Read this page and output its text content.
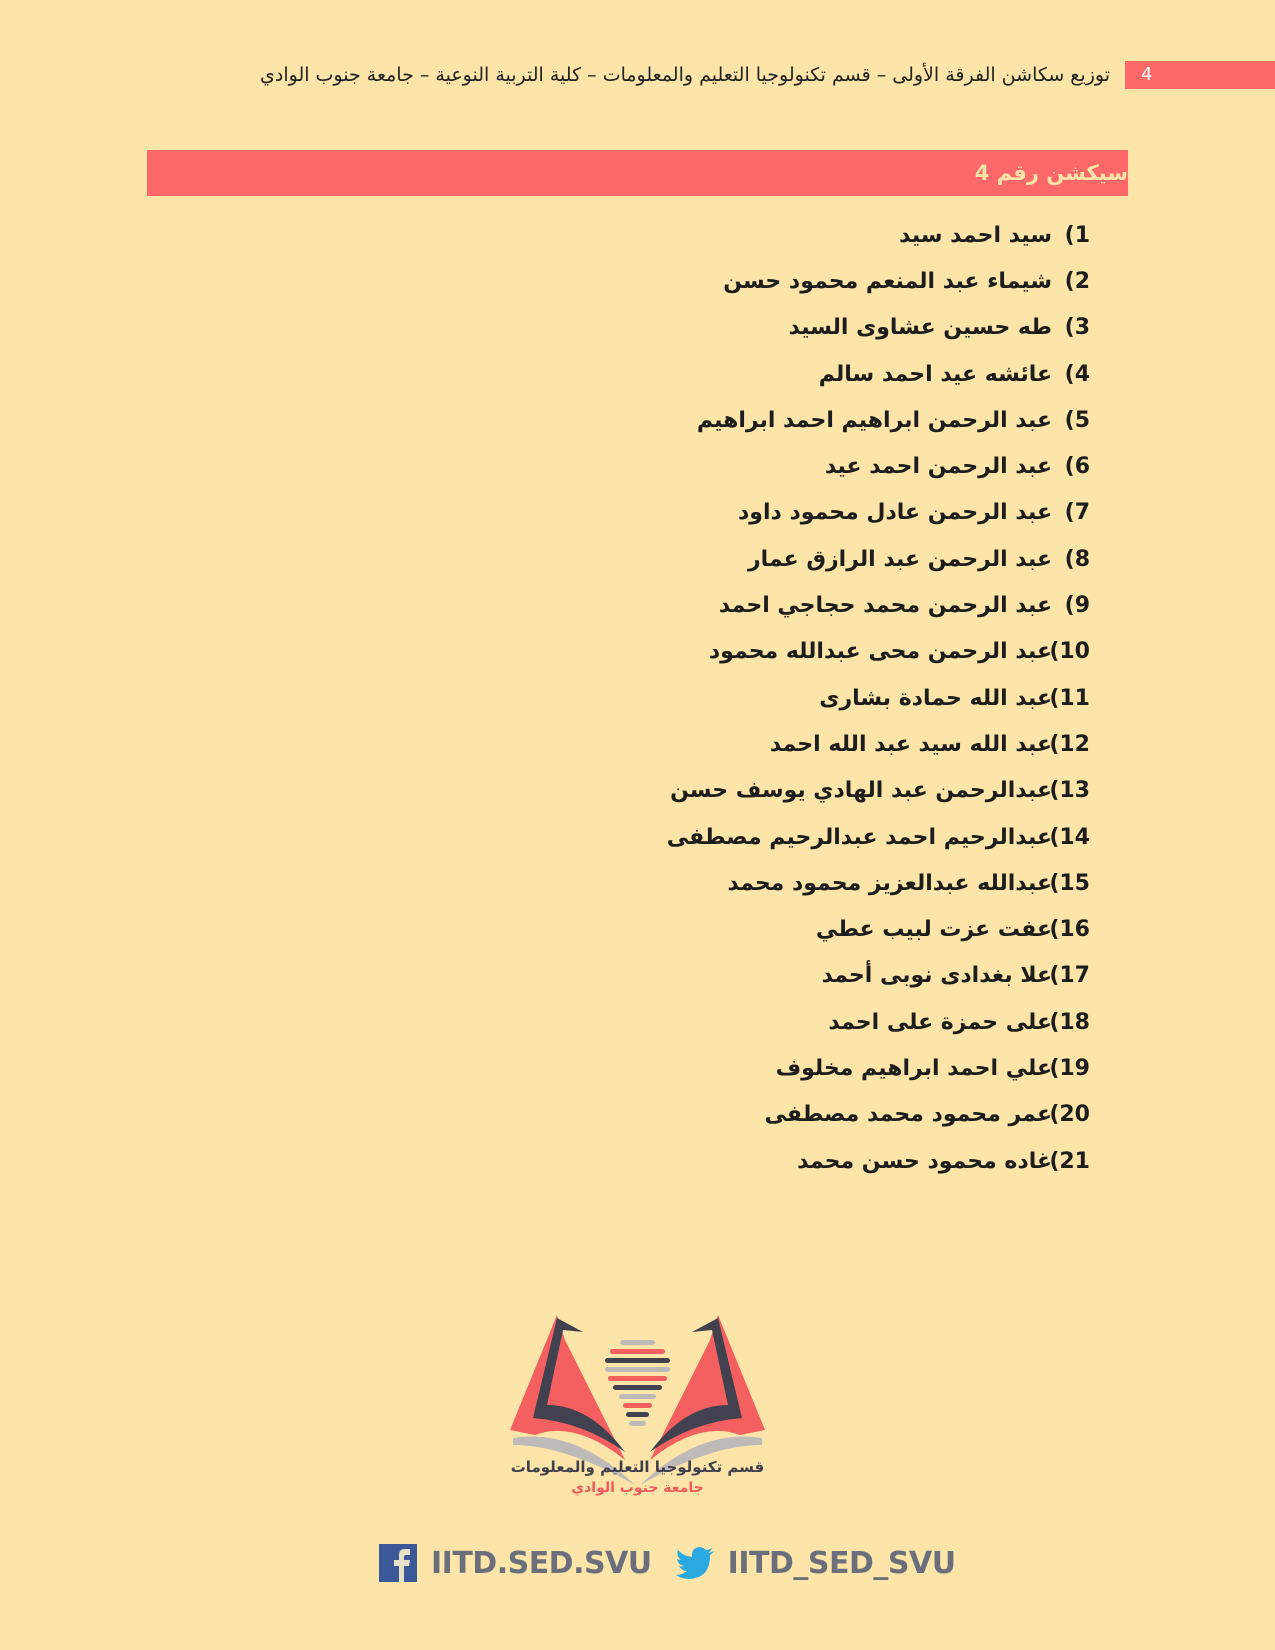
4
توزيع سكاشن الفرقة الأولى – قسم تكنولوجيا التعليم والمعلومات – كلية التربية النوعية – جامعة جنوب الوادي
سيكشن رقم 4
1)
سيد احمد سيد
2)
شيماء عبد المنعم محمود حسن
3)
طه حسين عشاوى السيد
4)
عائشه عيد احمد سالم
5)
عبد الرحمن ابراهيم احمد ابراهيم
6)
عبد الرحمن احمد عيد
7)
عبد الرحمن عادل محمود داود
8)
عبد الرحمن عبد الرازق عمار
9)
عبد الرحمن محمد حجاجي احمد
10)
عبد الرحمن محى عبدالله محمود
11)
عبد الله حمادة بشارى
12)
عبد الله سيد عبد الله احمد
13)
عبدالرحمن عبد الهادي يوسف حسن
14)
عبدالرحيم احمد عبدالرحيم مصطفى
15)
عبدالله عبدالعزيز محمود محمد
16)
عفت عزت لبيب عطي
17)
علا بغدادى نوبى أحمد
18)
على حمزة على احمد
19)
علي احمد ابراهيم مخلوف
20)
عمر محمود محمد مصطفى
21)
غاده محمود حسن محمد
قسم تكنولوجيا التعليم والمعلومات
جامعة جنوب الوادي
IITD.SED.SVU	IITD_SED_SVU
